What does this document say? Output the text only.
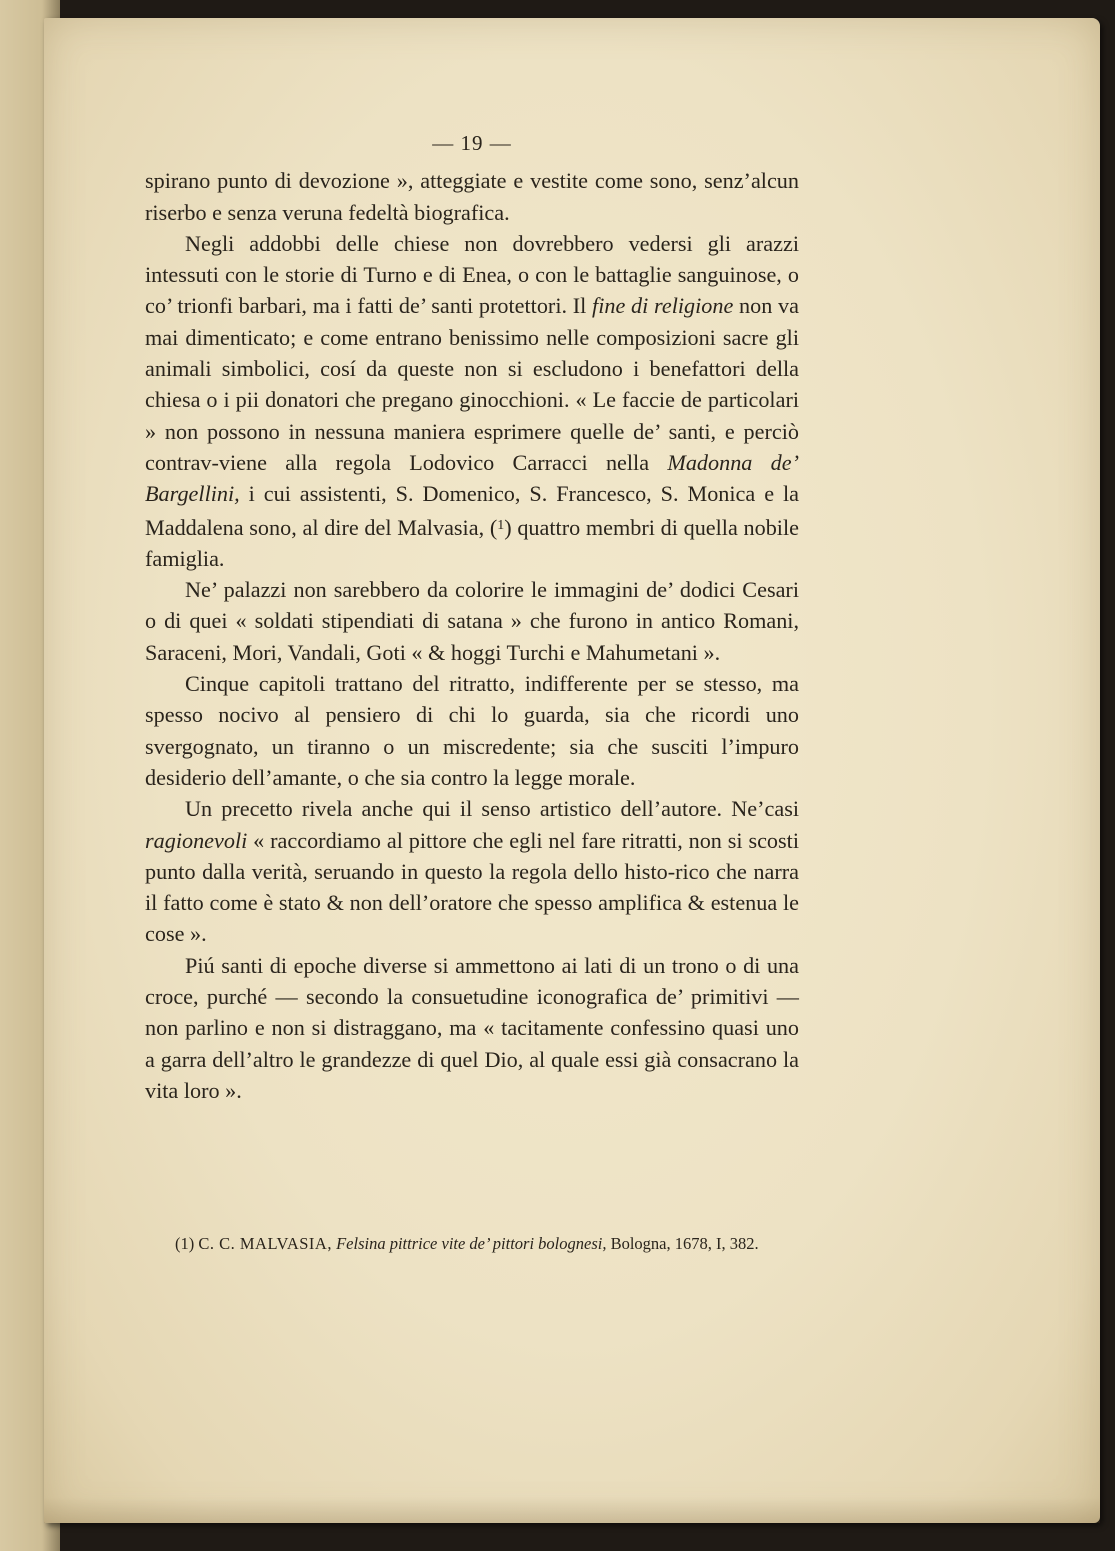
— 19 —

spirano punto di devozione », atteggiate e vestite come sono, senz’alcun riserbo e senza veruna fedeltà biografica.

Negli addobbi delle chiese non dovrebbero vedersi gli arazzi intessuti con le storie di Turno e di Enea, o con le battaglie sanguinose, o co’ trionfi barbari, ma i fatti de’ santi protettori. Il fine di religione non va mai dimenticato; e come entrano benissimo nelle composizioni sacre gli animali simbolici, cosí da queste non si escludono i benefattori della chiesa o i pii donatori che pregano ginocchioni. « Le faccie de particolari » non possono in nessuna maniera esprimere quelle de’ santi, e perciò contrav-viene alla regola Lodovico Carracci nella Madonna de’ Bargellini, i cui assistenti, S. Domenico, S. Francesco, S. Monica e la Maddalena sono, al dire del Malvasia, ($^1$) quattro membri di quella nobile famiglia.

Ne’ palazzi non sarebbero da colorire le immagini de’ dodici Cesari o di quei « soldati stipendiati di satana » che furono in antico Romani, Saraceni, Mori, Vandali, Goti « & hoggi Turchi e Mahumetani ».

Cinque capitoli trattano del ritratto, indifferente per se stesso, ma spesso nocivo al pensiero di chi lo guarda, sia che ricordi uno svergognato, un tiranno o un miscredente; sia che susciti l’impuro desiderio dell’amante, o che sia contro la legge morale.

Un precetto rivela anche qui il senso artistico dell’autore. Ne’casi ragionevoli « raccordiamo al pittore che egli nel fare ritratti, non si scosti punto dalla verità, seruando in questo la regola dello histo-rico che narra il fatto come è stato & non dell’oratore che spesso amplifica & estenua le cose ».

Piú santi di epoche diverse si ammettono ai lati di un trono o di una croce, purché — secondo la consuetudine iconografica de’ primitivi — non parlino e non si distraggano, ma « tacitamente confessino quasi uno a garra dell’altro le grandezze di quel Dio, al quale essi già consacrano la vita loro ».

(1) C. C. MALVASIA, Felsina pittrice vite de’ pittori bolognesi, Bologna, 1678, I, 382.
